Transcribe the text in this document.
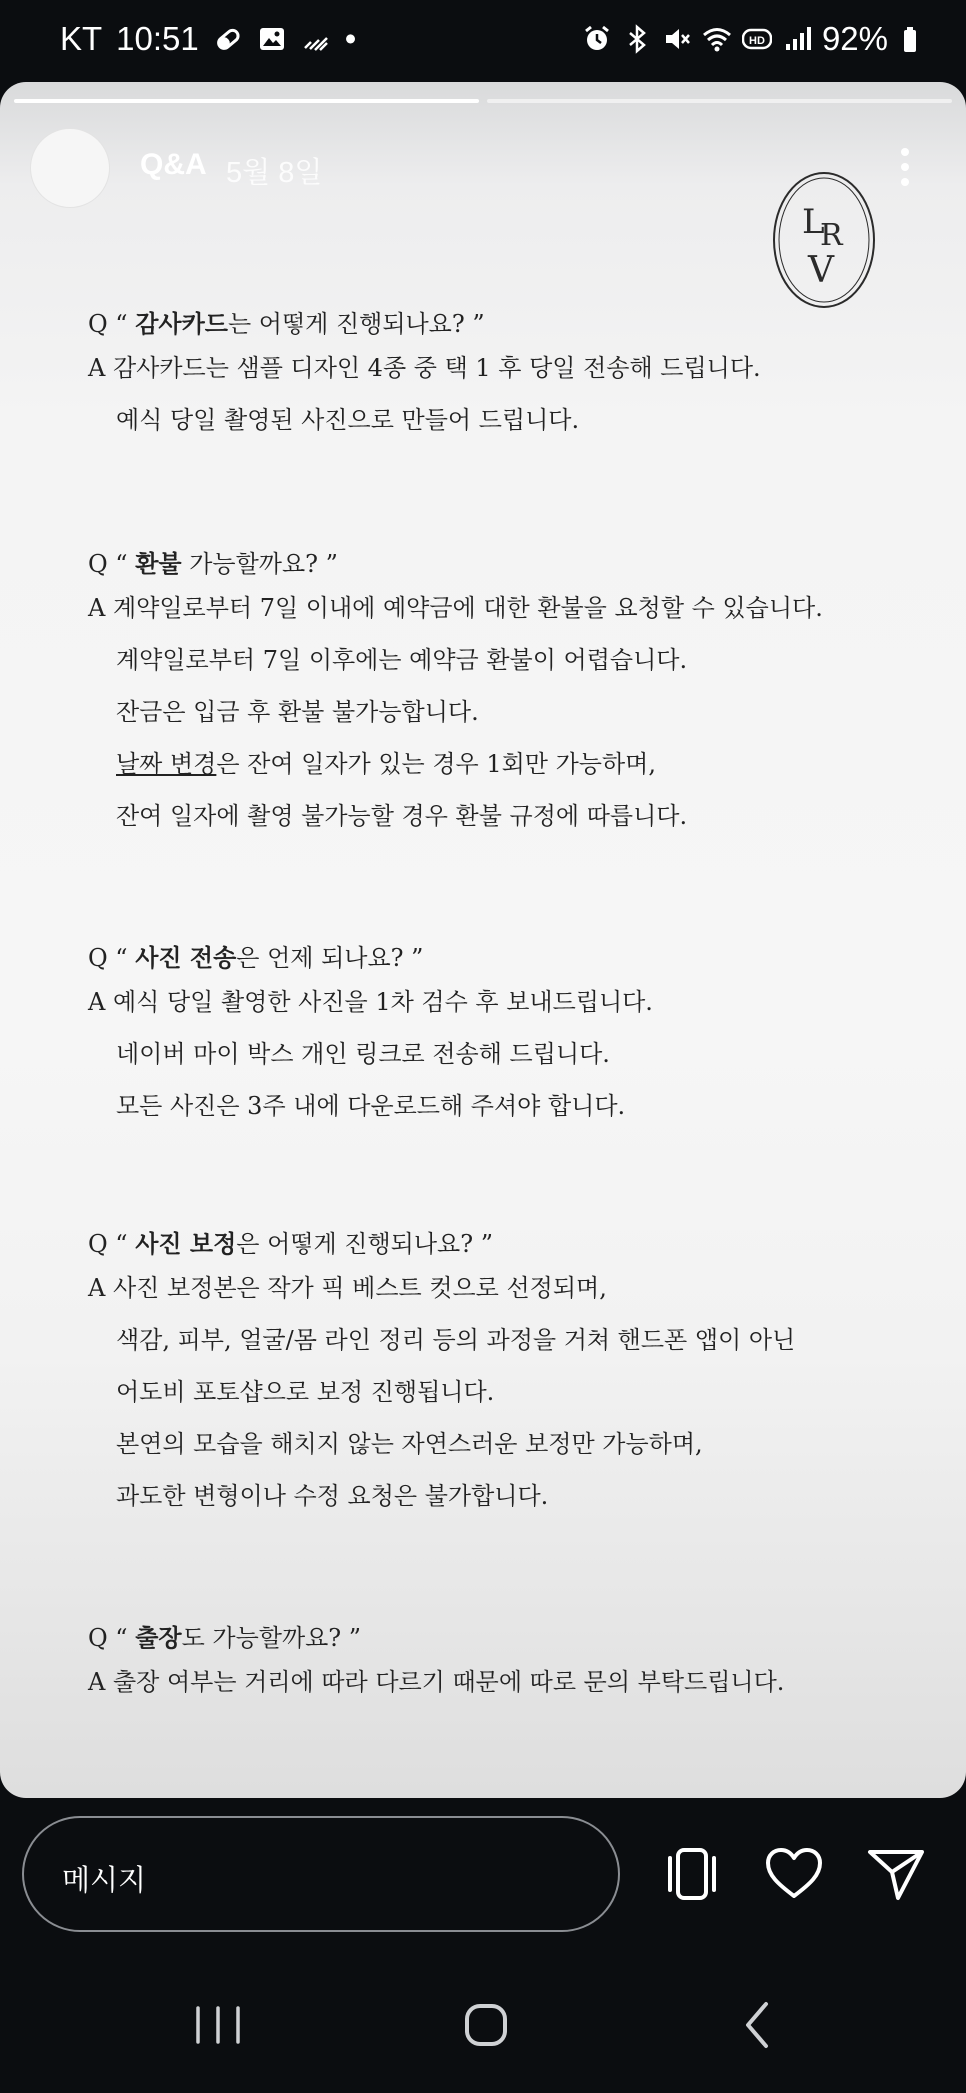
KT 10:51	•	HD 92%
Q&A 5월 8일
L
R
V
Q “ 감사카드는 어떻게 진행되나요? ”
A 감사카드는 샘플 디자인 4종 중 택 1 후 당일 전송해 드립니다.
예식 당일 촬영된 사진으로 만들어 드립니다.
Q “ 환불 가능할까요? ”
A 계약일로부터 7일 이내에 예약금에 대한 환불을 요청할 수 있습니다.
계약일로부터 7일 이후에는 예약금 환불이 어렵습니다.
잔금은 입금 후 환불 불가능합니다.
날짜 변경은 잔여 일자가 있는 경우 1회만 가능하며,
잔여 일자에 촬영 불가능할 경우 환불 규정에 따릅니다.
Q “ 사진 전송은 언제 되나요? ”
A 예식 당일 촬영한 사진을 1차 검수 후 보내드립니다.
네이버 마이 박스 개인 링크로 전송해 드립니다.
모든 사진은 3주 내에 다운로드해 주셔야 합니다.
Q “ 사진 보정은 어떻게 진행되나요? ”
A 사진 보정본은 작가 픽 베스트 컷으로 선정되며,
색감, 피부, 얼굴/몸 라인 정리 등의 과정을 거쳐 핸드폰 앱이 아닌
어도비 포토샵으로 보정 진행됩니다.
본연의 모습을 해치지 않는 자연스러운 보정만 가능하며,
과도한 변형이나 수정 요청은 불가합니다.
Q “ 출장도 가능할까요? ”
A 출장 여부는 거리에 따라 다르기 때문에 따로 문의 부탁드립니다.
메시지
